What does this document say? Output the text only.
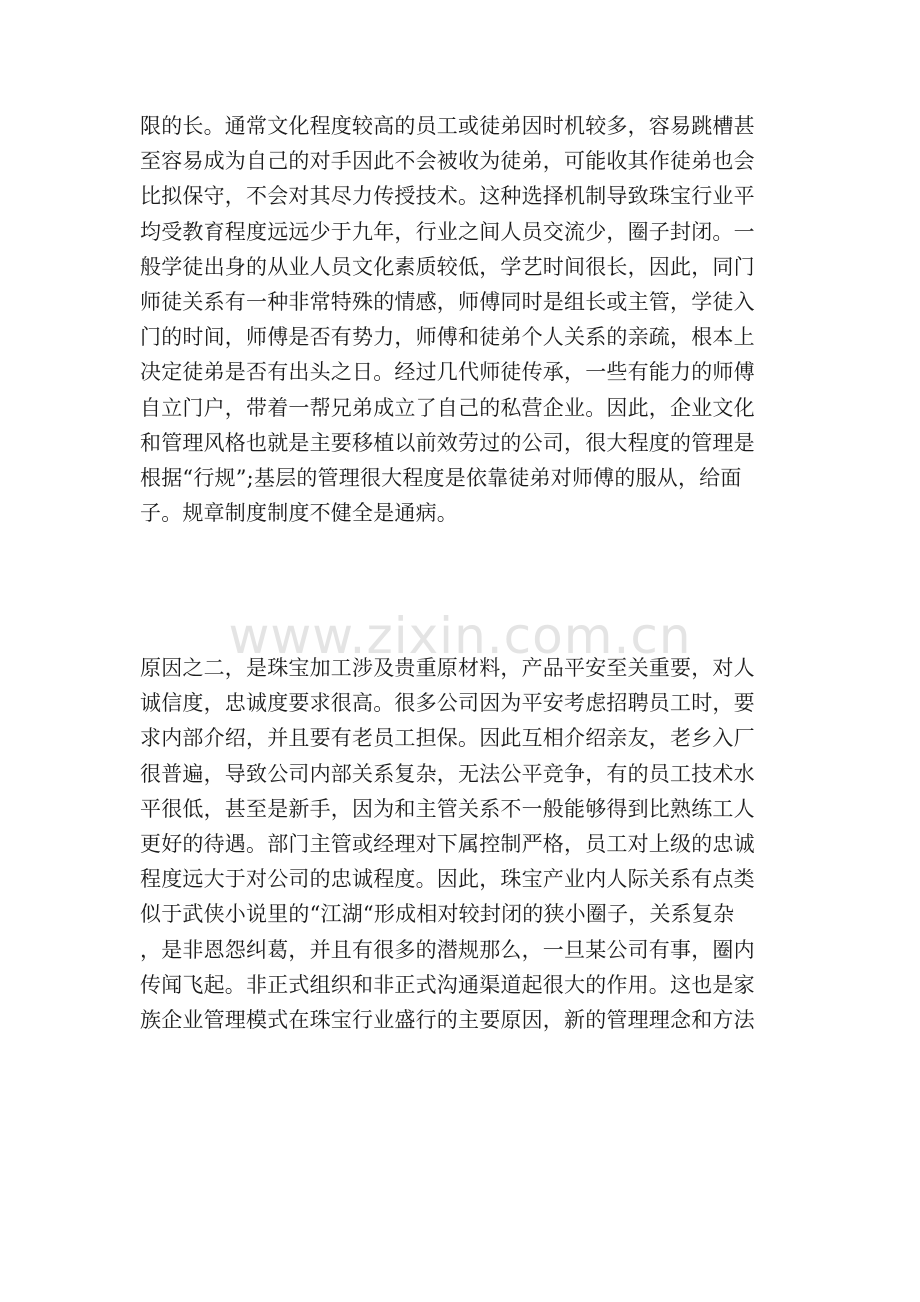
限的长。通常文化程度较高的员工或徒弟因时机较多，容易跳槽甚
至容易成为自己的对手因此不会被收为徒弟，可能收其作徒弟也会
比拟保守，不会对其尽力传授技术。这种选择机制导致珠宝行业平
均受教育程度远远少于九年，行业之间人员交流少，圈子封闭。一
般学徒出身的从业人员文化素质较低，学艺时间很长，因此，同门
师徒关系有一种非常特殊的情感，师傅同时是组长或主管，学徒入
门的时间，师傅是否有势力，师傅和徒弟个人关系的亲疏，根本上
决定徒弟是否有出头之日。经过几代师徒传承，一些有能力的师傅
自立门户，带着一帮兄弟成立了自己的私营企业。因此，企业文化
和管理风格也就是主要移植以前效劳过的公司，很大程度的管理是
根据“行规”;基层的管理很大程度是依靠徒弟对师傅的服从，给面
子。规章制度制度不健全是通病。
www.zixin.com.cn
原因之二，是珠宝加工涉及贵重原材料，产品平安至关重要，对人
诚信度，忠诚度要求很高。很多公司因为平安考虑招聘员工时，要
求内部介绍，并且要有老员工担保。因此互相介绍亲友，老乡入厂
很普遍，导致公司内部关系复杂，无法公平竞争，有的员工技术水
平很低，甚至是新手，因为和主管关系不一般能够得到比熟练工人
更好的待遇。部门主管或经理对下属控制严格，员工对上级的忠诚
程度远大于对公司的忠诚程度。因此，珠宝产业内人际关系有点类
似于武侠小说里的“江湖“形成相对较封闭的狭小圈子，关系复杂
，是非恩怨纠葛，并且有很多的潜规那么，一旦某公司有事，圈内
传闻飞起。非正式组织和非正式沟通渠道起很大的作用。这也是家
族企业管理模式在珠宝行业盛行的主要原因，新的管理理念和方法
